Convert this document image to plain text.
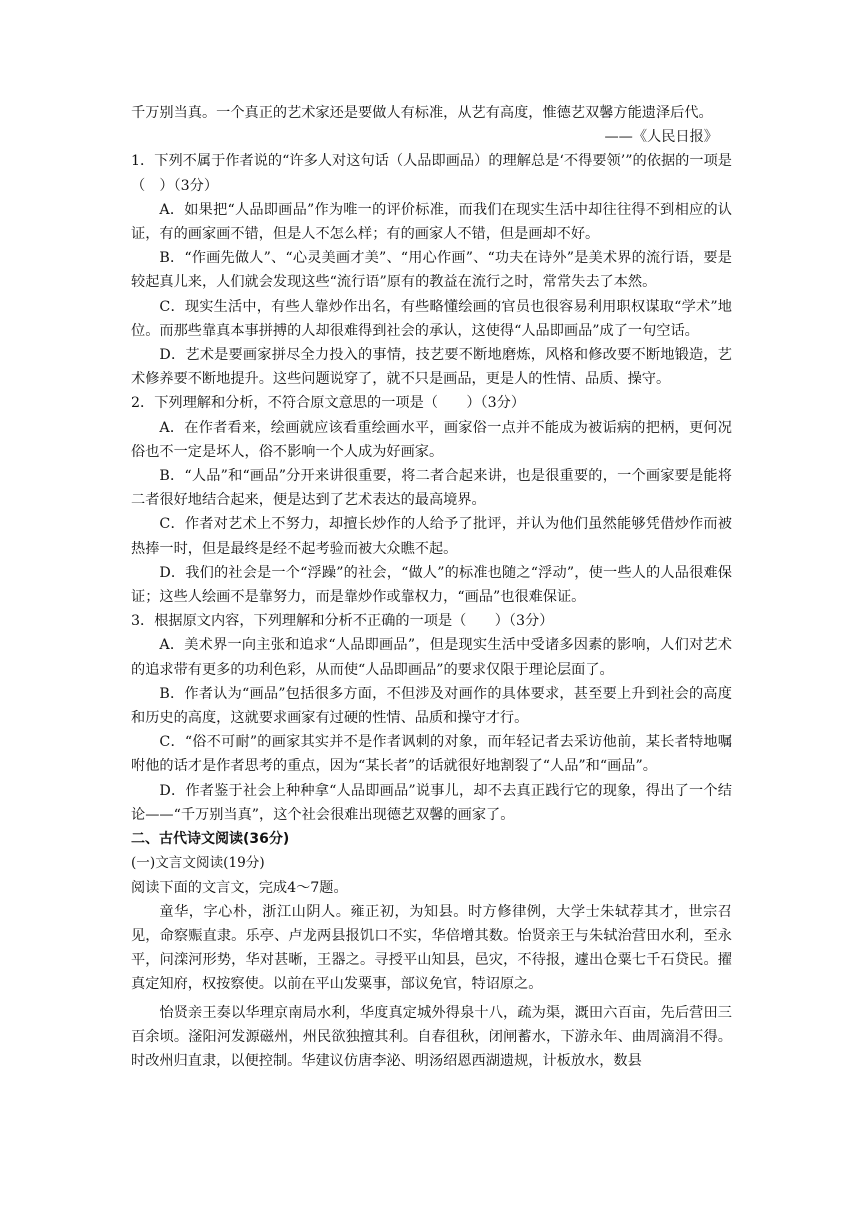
千万别当真。一个真正的艺术家还是要做人有标准，从艺有高度，惟德艺双馨方能遗泽后代。

——《人民日报》

1．下列不属于作者说的“许多人对这句话（人品即画品）的理解总是‘不得要领’”的依据的一项是（　）（3分）

A．如果把“人品即画品”作为唯一的评价标准，而我们在现实生活中却往往得不到相应的认证，有的画家画不错，但是人不怎么样；有的画家人不错，但是画却不好。

B．“作画先做人”、“心灵美画才美”、“用心作画”、“功夫在诗外”是美术界的流行语，要是较起真儿来，人们就会发现这些“流行语”原有的教益在流行之时，常常失去了本然。

C．现实生活中，有些人靠炒作出名，有些略懂绘画的官员也很容易利用职权谋取“学术”地位。而那些靠真本事拼搏的人却很难得到社会的承认，这使得“人品即画品”成了一句空话。

D．艺术是要画家拼尽全力投入的事情，技艺要不断地磨炼，风格和修改要不断地锻造，艺术修养要不断地提升。这些问题说穿了，就不只是画品，更是人的性情、品质、操守。

2．下列理解和分析，不符合原文意思的一项是（　　）（3分）

A．在作者看来，绘画就应该看重绘画水平，画家俗一点并不能成为被诟病的把柄，更何况俗也不一定是坏人，俗不影响一个人成为好画家。

B．“人品”和“画品”分开来讲很重要，将二者合起来讲，也是很重要的，一个画家要是能将二者很好地结合起来，便是达到了艺术表达的最高境界。

C．作者对艺术上不努力，却擅长炒作的人给予了批评，并认为他们虽然能够凭借炒作而被热捧一时，但是最终是经不起考验而被大众瞧不起。

D．我们的社会是一个“浮躁”的社会，“做人”的标准也随之“浮动”，使一些人的人品很难保证；这些人绘画不是靠努力，而是靠炒作或靠权力，“画品”也很难保证。

3．根据原文内容，下列理解和分析不正确的一项是（　　）（3分）

A．美术界一向主张和追求“人品即画品”，但是现实生活中受诸多因素的影响，人们对艺术的追求带有更多的功利色彩，从而使“人品即画品”的要求仅限于理论层面了。

B．作者认为“画品”包括很多方面，不但涉及对画作的具体要求，甚至要上升到社会的高度和历史的高度，这就要求画家有过硬的性情、品质和操守才行。

C．“俗不可耐”的画家其实并不是作者讽刺的对象，而年轻记者去采访他前，某长者特地嘱咐他的话才是作者思考的重点，因为“某长者”的话就很好地割裂了“人品”和“画品”。

D．作者鉴于社会上种种拿“人品即画品”说事儿，却不去真正践行它的现象，得出了一个结论——“千万别当真”，这个社会很难出现德艺双馨的画家了。

二、古代诗文阅读(36分)

(一)文言文阅读(19分)

阅读下面的文言文，完成4～7题。

童华，字心朴，浙江山阴人。雍正初，为知县。时方修律例，大学士朱轼荐其才，世宗召见，命察赈直隶。乐亭、卢龙两县报饥口不实，华倍增其数。怡贤亲王与朱轼治营田水利，至永平，问滦河形势，华对甚晰，王器之。寻授平山知县，邑灾，不待报，遽出仓粟七千石贷民。擢真定知府，权按察使。以前在平山发粟事，部议免官，特诏原之。

怡贤亲王奏以华理京南局水利，华度真定城外得泉十八，疏为渠，溉田六百亩，先后营田三百余顷。滏阳河发源磁州，州民欲独擅其利。自春徂秋，闭闸蓄水，下游永年、曲周滴涓不得。时改州归直隶，以便控制。华建议仿唐李泌、明汤绍恩西湖遗规，计板放水，数县
